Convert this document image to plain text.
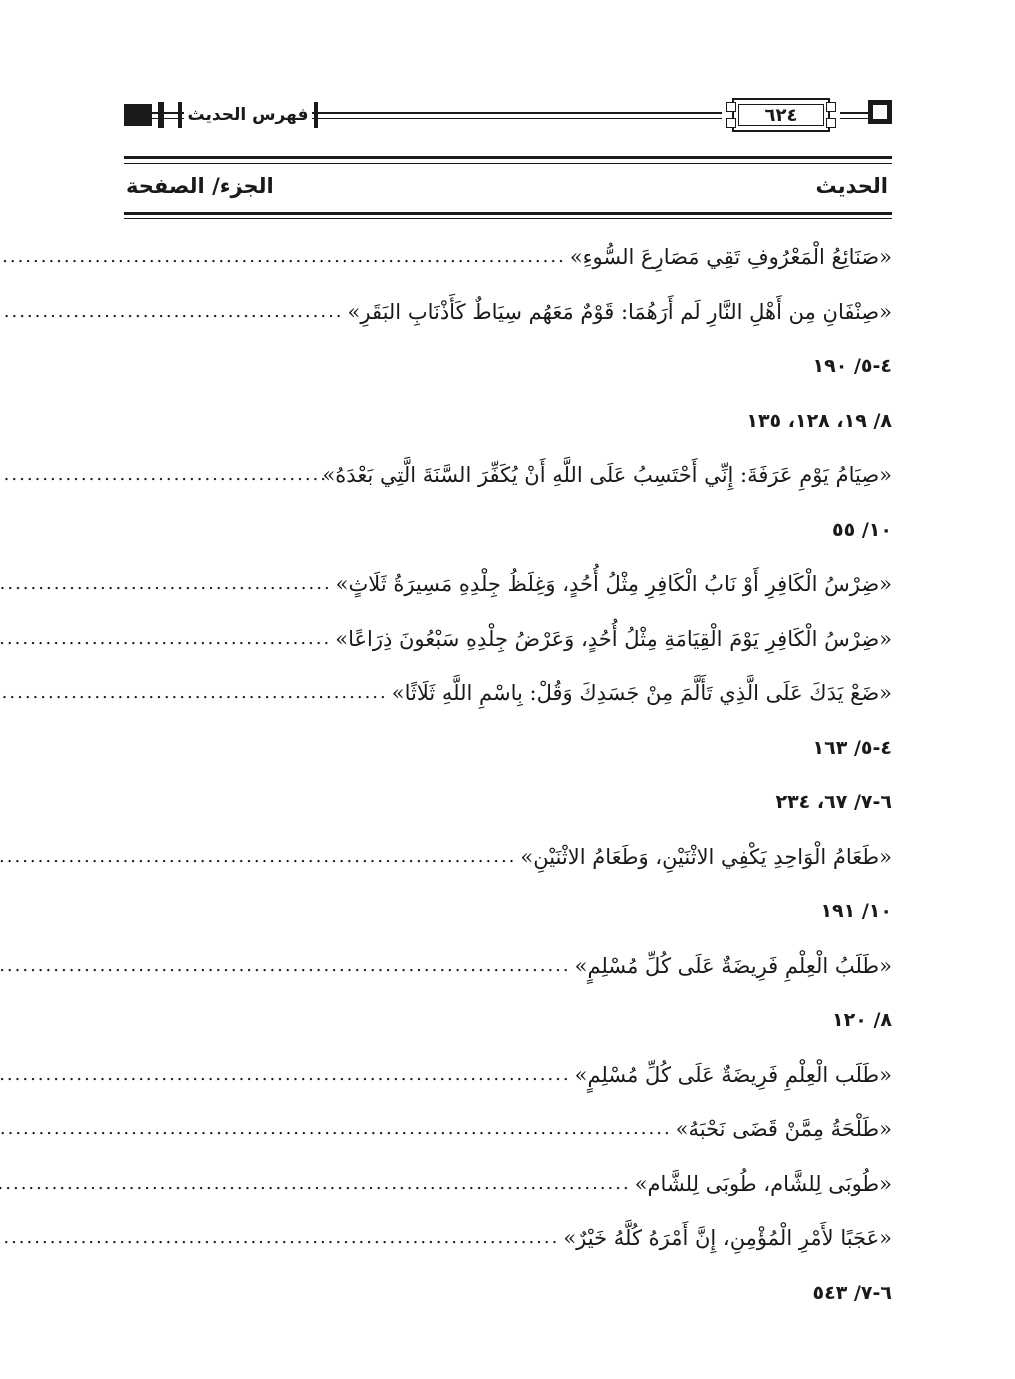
فهرس الحديث	٦٢٤
الحديث
الجزء/ الصفحة
«صَنَائِعُ الْمَعْرُوفِ تَقِي مَصَارِعَ السُّوءِ»
.....
«صِنْفَانِ مِن أَهْلِ النَّارِ لَم أَرَهُمَا: قَوْمٌ مَعَهُم سِيَاطٌ كَأَذْنَابِ البَقَرِ»
.....
٤-٥/ ١٩٠
٨/ ١٩، ١٢٨، ١٣٥
«صِيَامُ يَوْمِ عَرَفَةَ: إِنِّي أَحْتَسِبُ عَلَى اللَّهِ أَنْ يُكَفِّرَ السَّنَةَ الَّتِي بَعْدَهُ»
.....
١٠/ ٥٥
«ضِرْسُ الْكَافِرِ أَوْ نَابُ الْكَافِرِ مِثْلُ أُحُدٍ، وَغِلَظُ جِلْدِهِ مَسِيرَةُ ثَلَاثٍ»
.....
«ضِرْسُ الْكَافِرِ يَوْمَ الْقِيَامَةِ مِثْلُ أُحُدٍ، وَعَرْضُ جِلْدِهِ سَبْعُونَ ذِرَاعًا»
.....
«ضَعْ يَدَكَ عَلَى الَّذِي تَأَلَّمَ مِنْ جَسَدِكَ وَقُلْ: بِاسْمِ اللَّهِ ثَلَاثًا»
.....
٤-٥/ ١٦٣
٦-٧/ ٦٧، ٢٣٤
«طَعَامُ الْوَاحِدِ يَكْفِي الاثْنَيْنِ، وَطَعَامُ الاثْنَيْنِ»
.....
١٠/ ١٩١
«طَلَبُ الْعِلْمِ فَرِيضَةٌ عَلَى كُلِّ مُسْلِمٍ»
.....
٨/ ١٢٠
«طَلَب الْعِلْمِ فَرِيضَةٌ عَلَى كُلِّ مُسْلِمٍ»
.....
«طَلْحَةُ مِمَّنْ قَضَى نَحْبَهُ»
.....
«طُوبَى لِلشَّام، طُوبَى لِلشَّام»
.....
«عَجَبًا لأَمْرِ الْمُؤْمِنِ، إِنَّ أَمْرَهُ كُلَّهُ خَيْرٌ»
.....
٦-٧/ ٥٤٣
